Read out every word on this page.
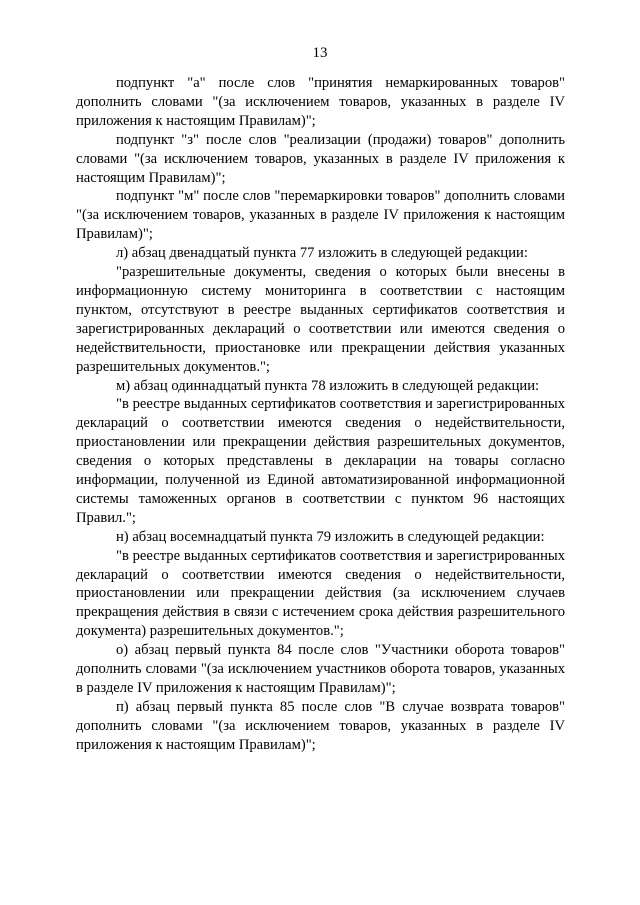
13

подпункт "а" после слов "принятия немаркированных товаров" дополнить словами "(за исключением товаров, указанных в разделе IV приложения к настоящим Правилам)";

подпункт "з" после слов "реализации (продажи) товаров" дополнить словами "(за исключением товаров, указанных в разделе IV приложения к настоящим Правилам)";

подпункт "м" после слов "перемаркировки товаров" дополнить словами "(за исключением товаров, указанных в разделе IV приложения к настоящим Правилам)";

л) абзац двенадцатый пункта 77 изложить в следующей редакции:

"разрешительные документы, сведения о которых были внесены в информационную систему мониторинга в соответствии с настоящим пунктом, отсутствуют в реестре выданных сертификатов соответствия и зарегистрированных деклараций о соответствии или имеются сведения о недействительности, приостановке или прекращении действия указанных разрешительных документов.";

м) абзац одиннадцатый пункта 78 изложить в следующей редакции:

"в реестре выданных сертификатов соответствия и зарегистрированных деклараций о соответствии имеются сведения о недействительности, приостановлении или прекращении действия разрешительных документов, сведения о которых представлены в декларации на товары согласно информации, полученной из Единой автоматизированной информационной системы таможенных органов в соответствии с пунктом 96 настоящих Правил.";

н) абзац восемнадцатый пункта 79 изложить в следующей редакции:

"в реестре выданных сертификатов соответствия и зарегистрированных деклараций о соответствии имеются сведения о недействительности, приостановлении или прекращении действия (за исключением случаев прекращения действия в связи с истечением срока действия разрешительного документа) разрешительных документов.";

о) абзац первый пункта 84 после слов "Участники оборота товаров" дополнить словами "(за исключением участников оборота товаров, указанных в разделе IV приложения к настоящим Правилам)";

п) абзац первый пункта 85 после слов "В случае возврата товаров" дополнить словами "(за исключением товаров, указанных в разделе IV приложения к настоящим Правилам)";
